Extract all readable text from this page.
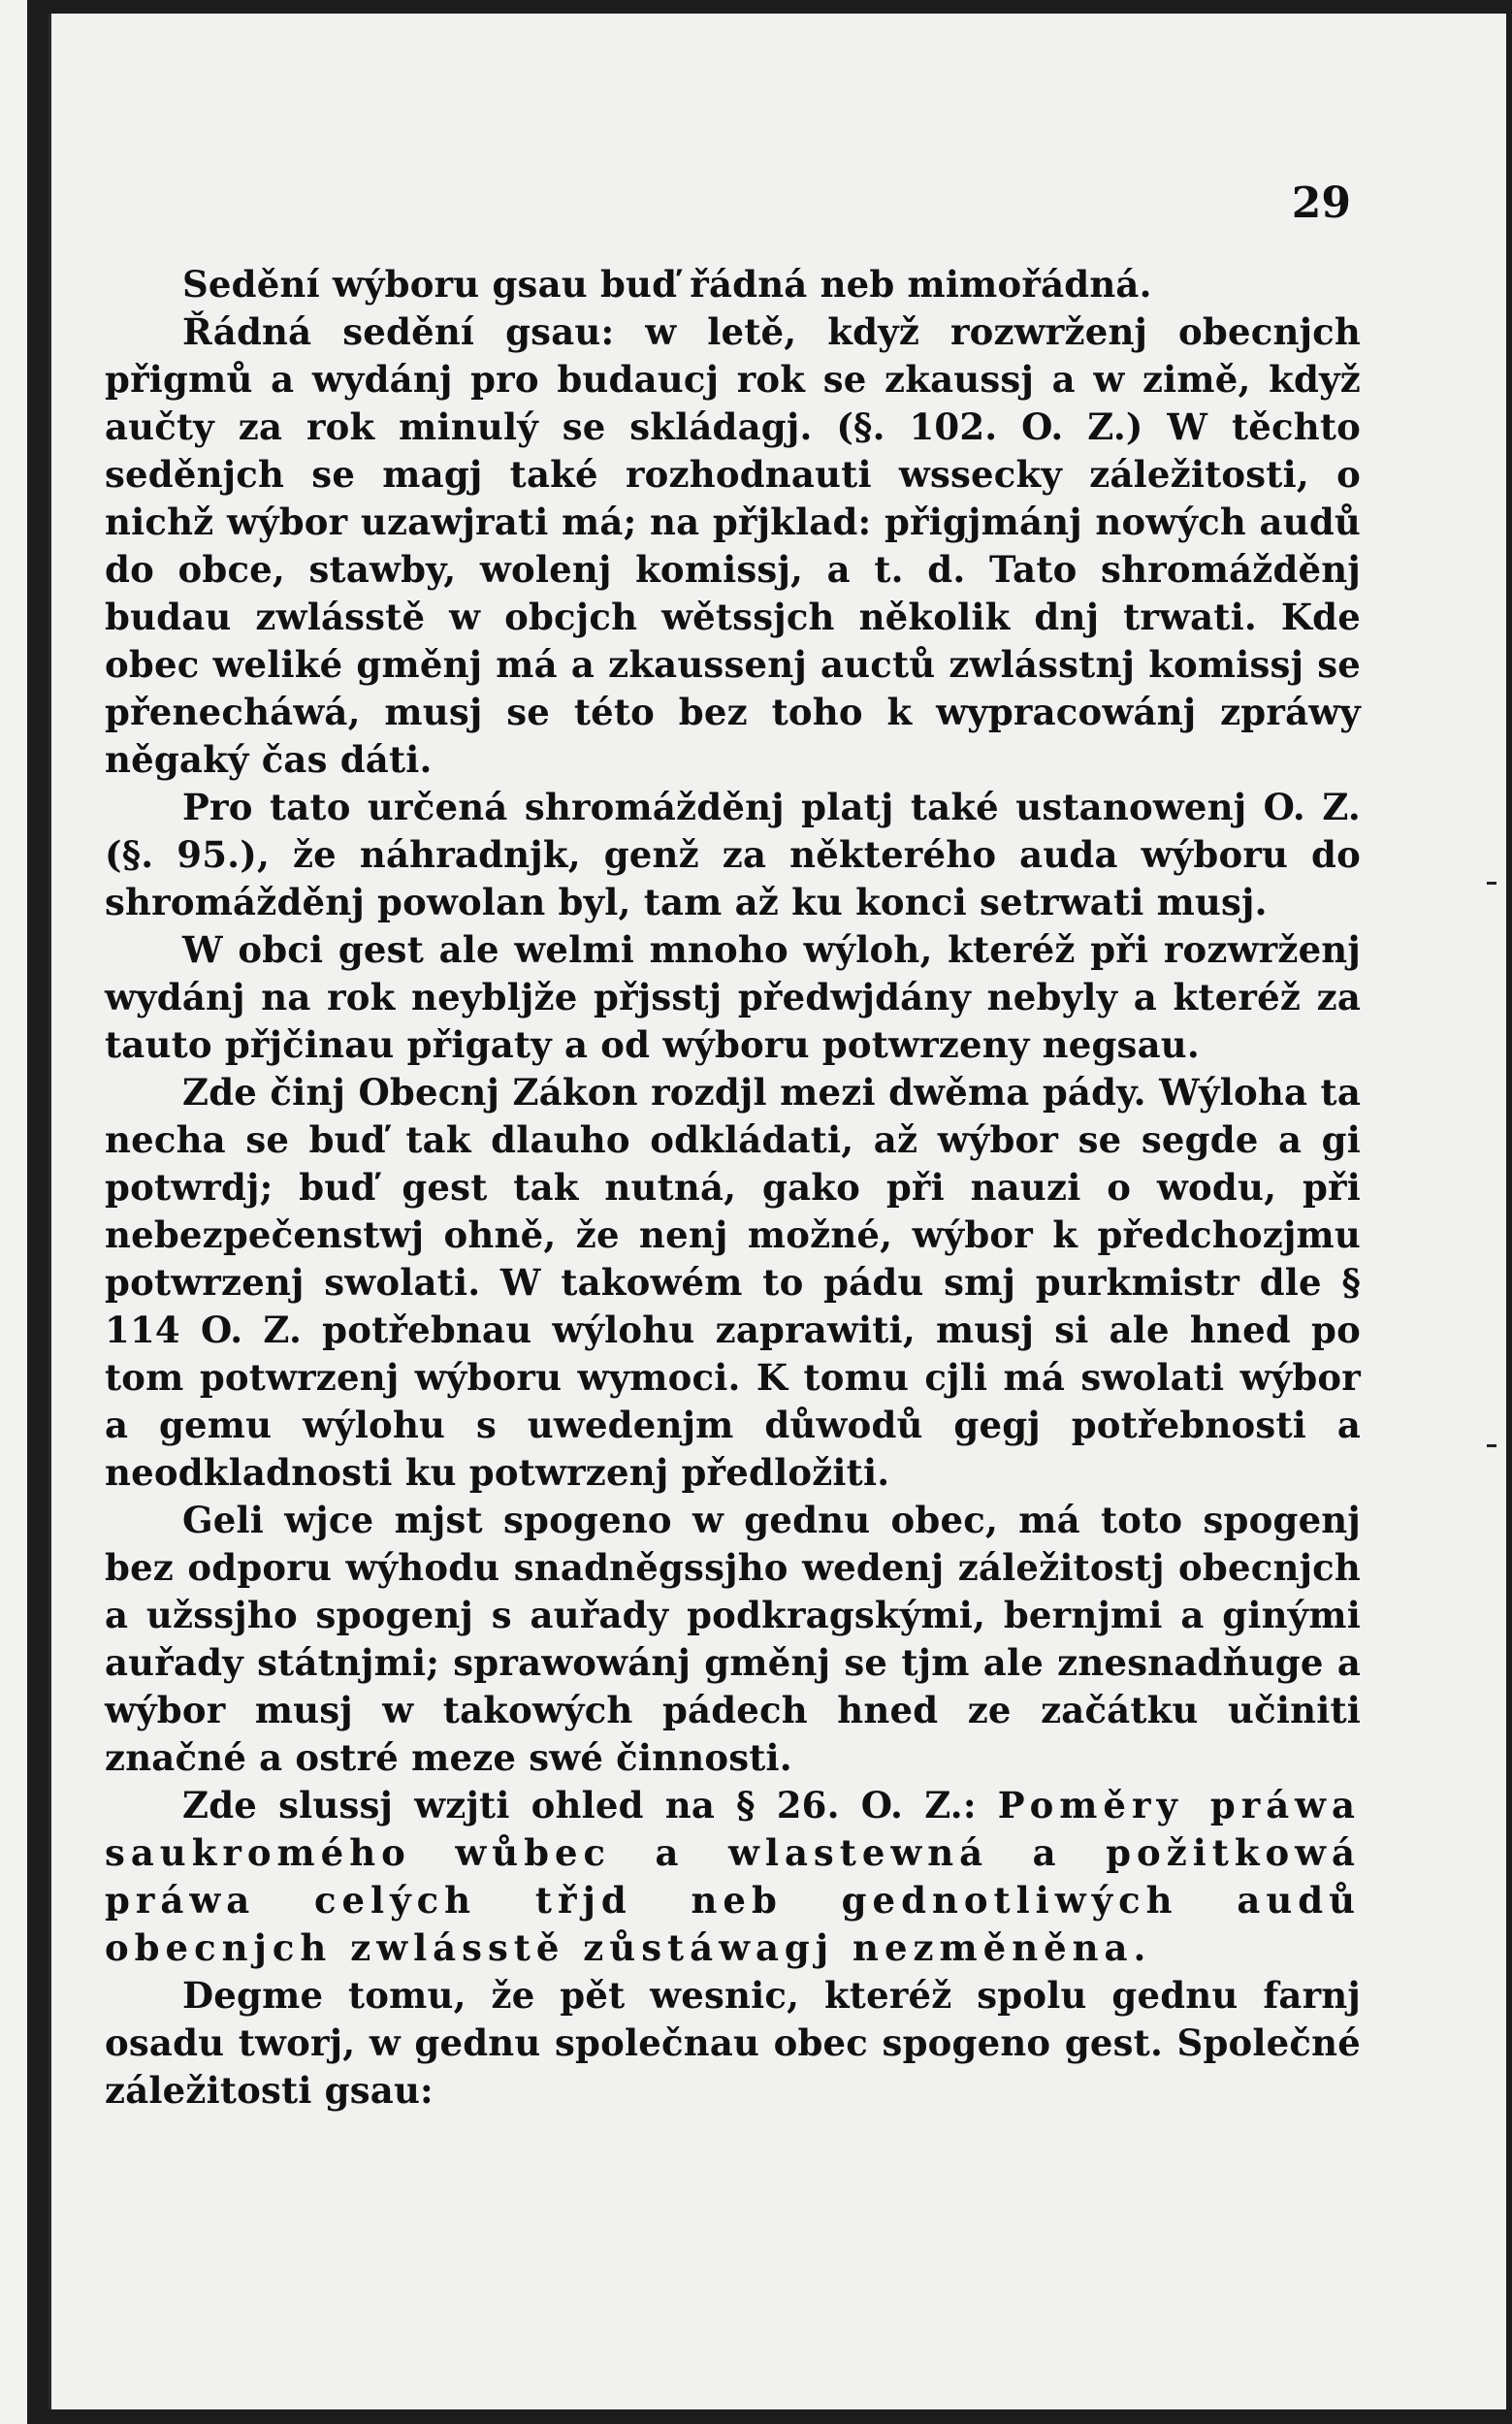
29

Sedění wýboru gsau buď řádná neb mimořádná.

Řádná sedění gsau: w letě, když rozwrženj obecnjch přigmů a wydánj pro budaucj rok se zkaussj a w zimě, když aučty za rok minulý se skládagj. (§. 102. O. Z.) W těchto seděnjch se magj také rozhodnauti wssecky záležitosti, o nichž wýbor uzawjrati má; na přjklad: přigjmánj nowých audů do obce, stawby, wolenj komissj, a t. d. Tato shromážděnj budau zwlásstě w obcjch wětssjch několik dnj trwati. Kde obec weliké gměnj má a zkaussenj auctů zwlásstnj komissj se přenecháwá, musj se této bez toho k wypracowánj zpráwy něgaký čas dáti.

Pro tato určená shromážděnj platj také ustanowenj O. Z. (§. 95.), že náhradnjk, genž za některého auda wýboru do shromážděnj powolan byl, tam až ku konci setrwati musj.

W obci gest ale welmi mnoho wýloh, kteréž při rozwrženj wydánj na rok neybljže přjsstj předwjdány nebyly a kteréž za tauto přjčinau přigaty a od wýboru potwrzeny negsau.

Zde činj Obecnj Zákon rozdjl mezi dwěma pády. Wýloha ta necha se buď tak dlauho odkládati, až wýbor se segde a gi potwrdj; buď gest tak nutná, gako při nauzi o wodu, při nebezpečenstwj ohně, že nenj možné, wýbor k předchozjmu potwrzenj swolati. W takowém to pádu smj purkmistr dle § 114 O. Z. potřebnau wýlohu zaprawiti, musj si ale hned po tom potwrzenj wýboru wymoci. K tomu cjli má swolati wýbor a gemu wýlohu s uwedenjm důwodů gegj potřebnosti a neodkladnosti ku potwrzenj předložiti.

Geli wjce mjst spogeno w gednu obec, má toto spogenj bez odporu wýhodu snadněgssjho wedenj záležitostj obecnjch a užssjho spogenj s auřady podkragskými, bernjmi a ginými auřady státnjmi; sprawowánj gměnj se tjm ale znesnadňuge a wýbor musj w takowých pádech hned ze začátku učiniti značné a ostré meze swé činnosti.

Zde slussj wzjti ohled na § 26. O. Z.: Poměry práwa saukromého wůbec a wlastewná a požitkowá práwa celých třjd neb gednotliwých audů obecnjch zwlásstě zůstáwagj nezměněna.

Degme tomu, že pět wesnic, kteréž spolu gednu farnj osadu tworj, w gednu společnau obec spogeno gest. Společné záležitosti gsau:
